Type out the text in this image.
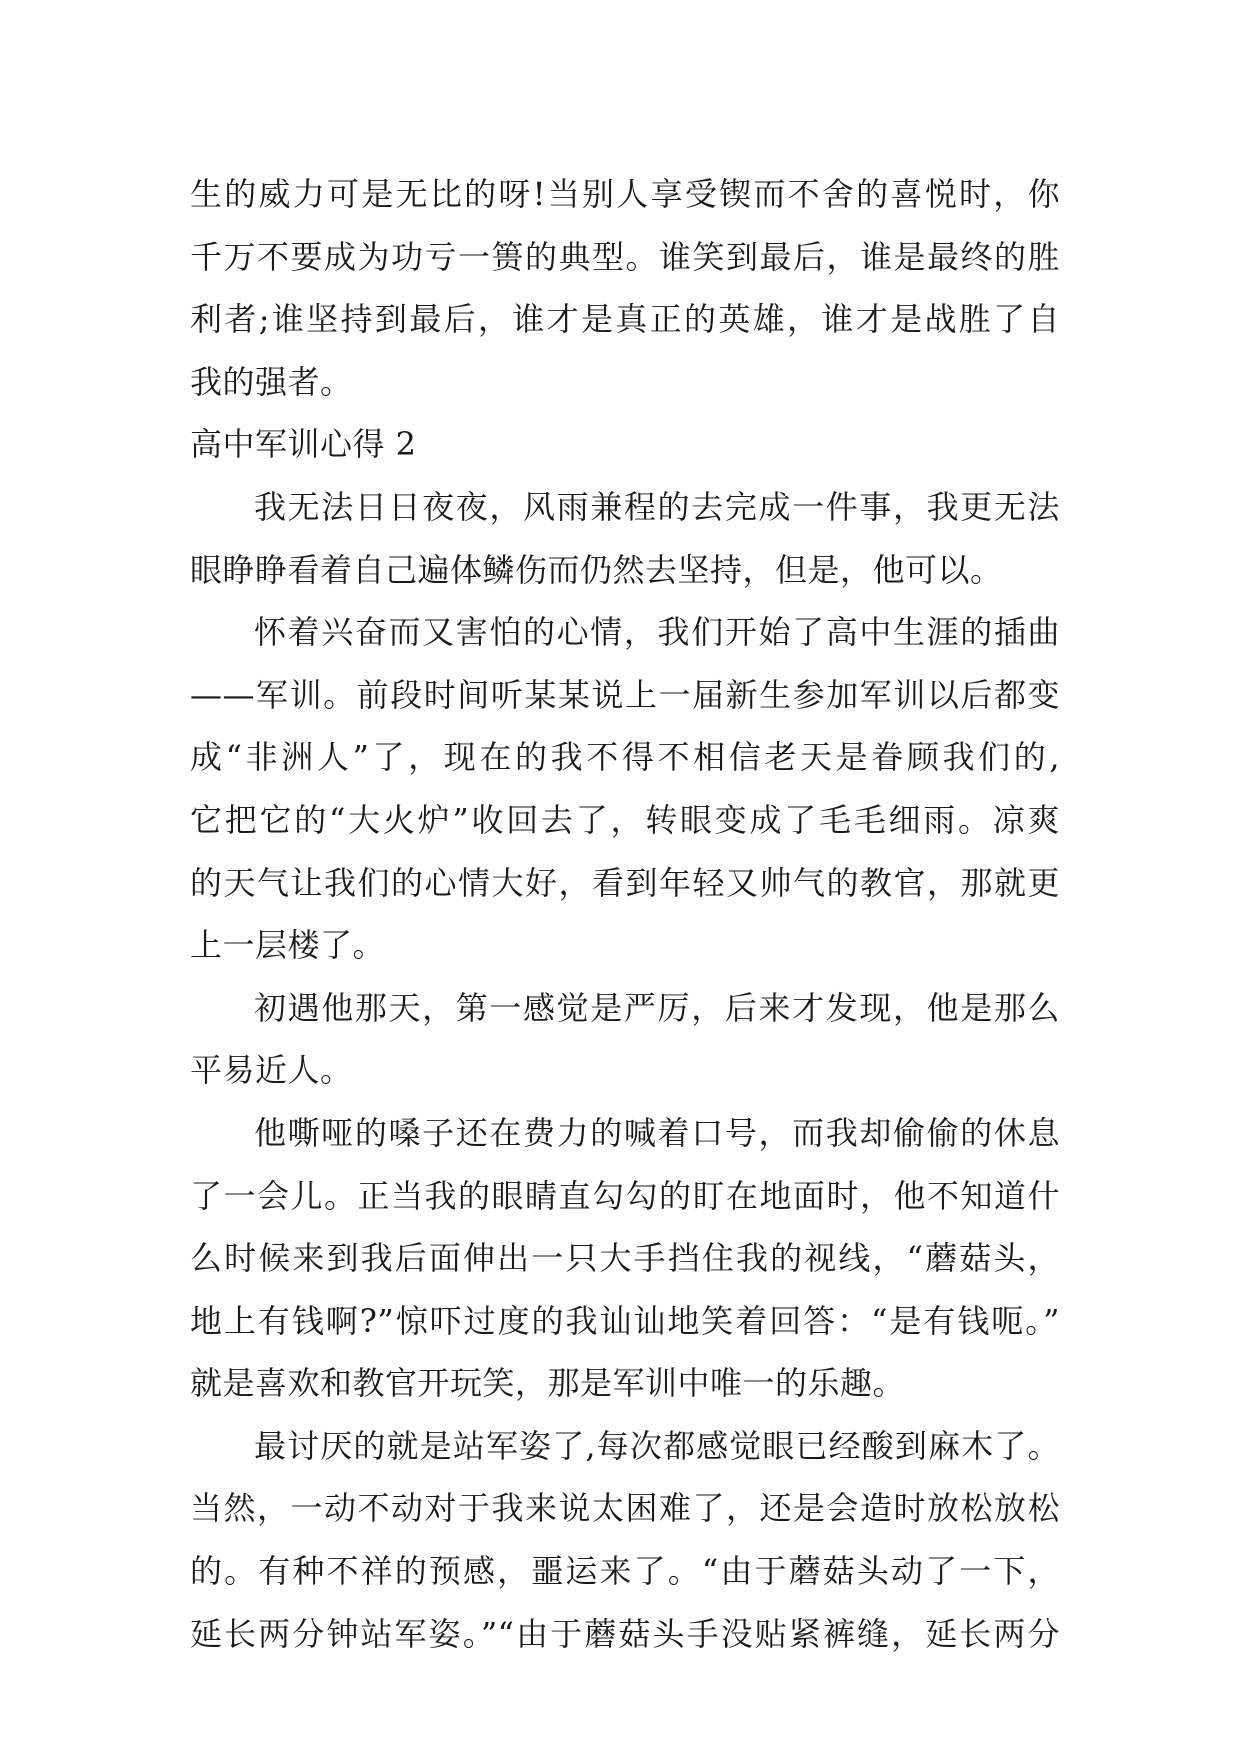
生的威力可是无比的呀!当别人享受锲而不舍的喜悦时，你
千万不要成为功亏一篑的典型。谁笑到最后，谁是最终的胜
利者;谁坚持到最后，谁才是真正的英雄，谁才是战胜了自
我的强者。
高中军训心得 2
我无法日日夜夜，风雨兼程的去完成一件事，我更无法
眼睁睁看着自己遍体鳞伤而仍然去坚持，但是，他可以。
怀着兴奋而又害怕的心情，我们开始了高中生涯的插曲
——军训。前段时间听某某说上一届新生参加军训以后都变
成“非洲人”了，现在的我不得不相信老天是眷顾我们的,
它把它的“大火炉”收回去了，转眼变成了毛毛细雨。凉爽
的天气让我们的心情大好，看到年轻又帅气的教官，那就更
上一层楼了。
初遇他那天，第一感觉是严厉，后来才发现，他是那么
平易近人。
他嘶哑的嗓子还在费力的喊着口号，而我却偷偷的休息
了一会儿。正当我的眼睛直勾勾的盯在地面时，他不知道什
么时候来到我后面伸出一只大手挡住我的视线，“蘑菇头，
地上有钱啊?”惊吓过度的我讪讪地笑着回答：“是有钱呃。”
就是喜欢和教官开玩笑，那是军训中唯一的乐趣。
最讨厌的就是站军姿了,每次都感觉眼已经酸到麻木了。
当然，一动不动对于我来说太困难了，还是会造时放松放松
的。有种不祥的预感，噩运来了。“由于蘑菇头动了一下，
延长两分钟站军姿。”“由于蘑菇头手没贴紧裤缝，延长两分
